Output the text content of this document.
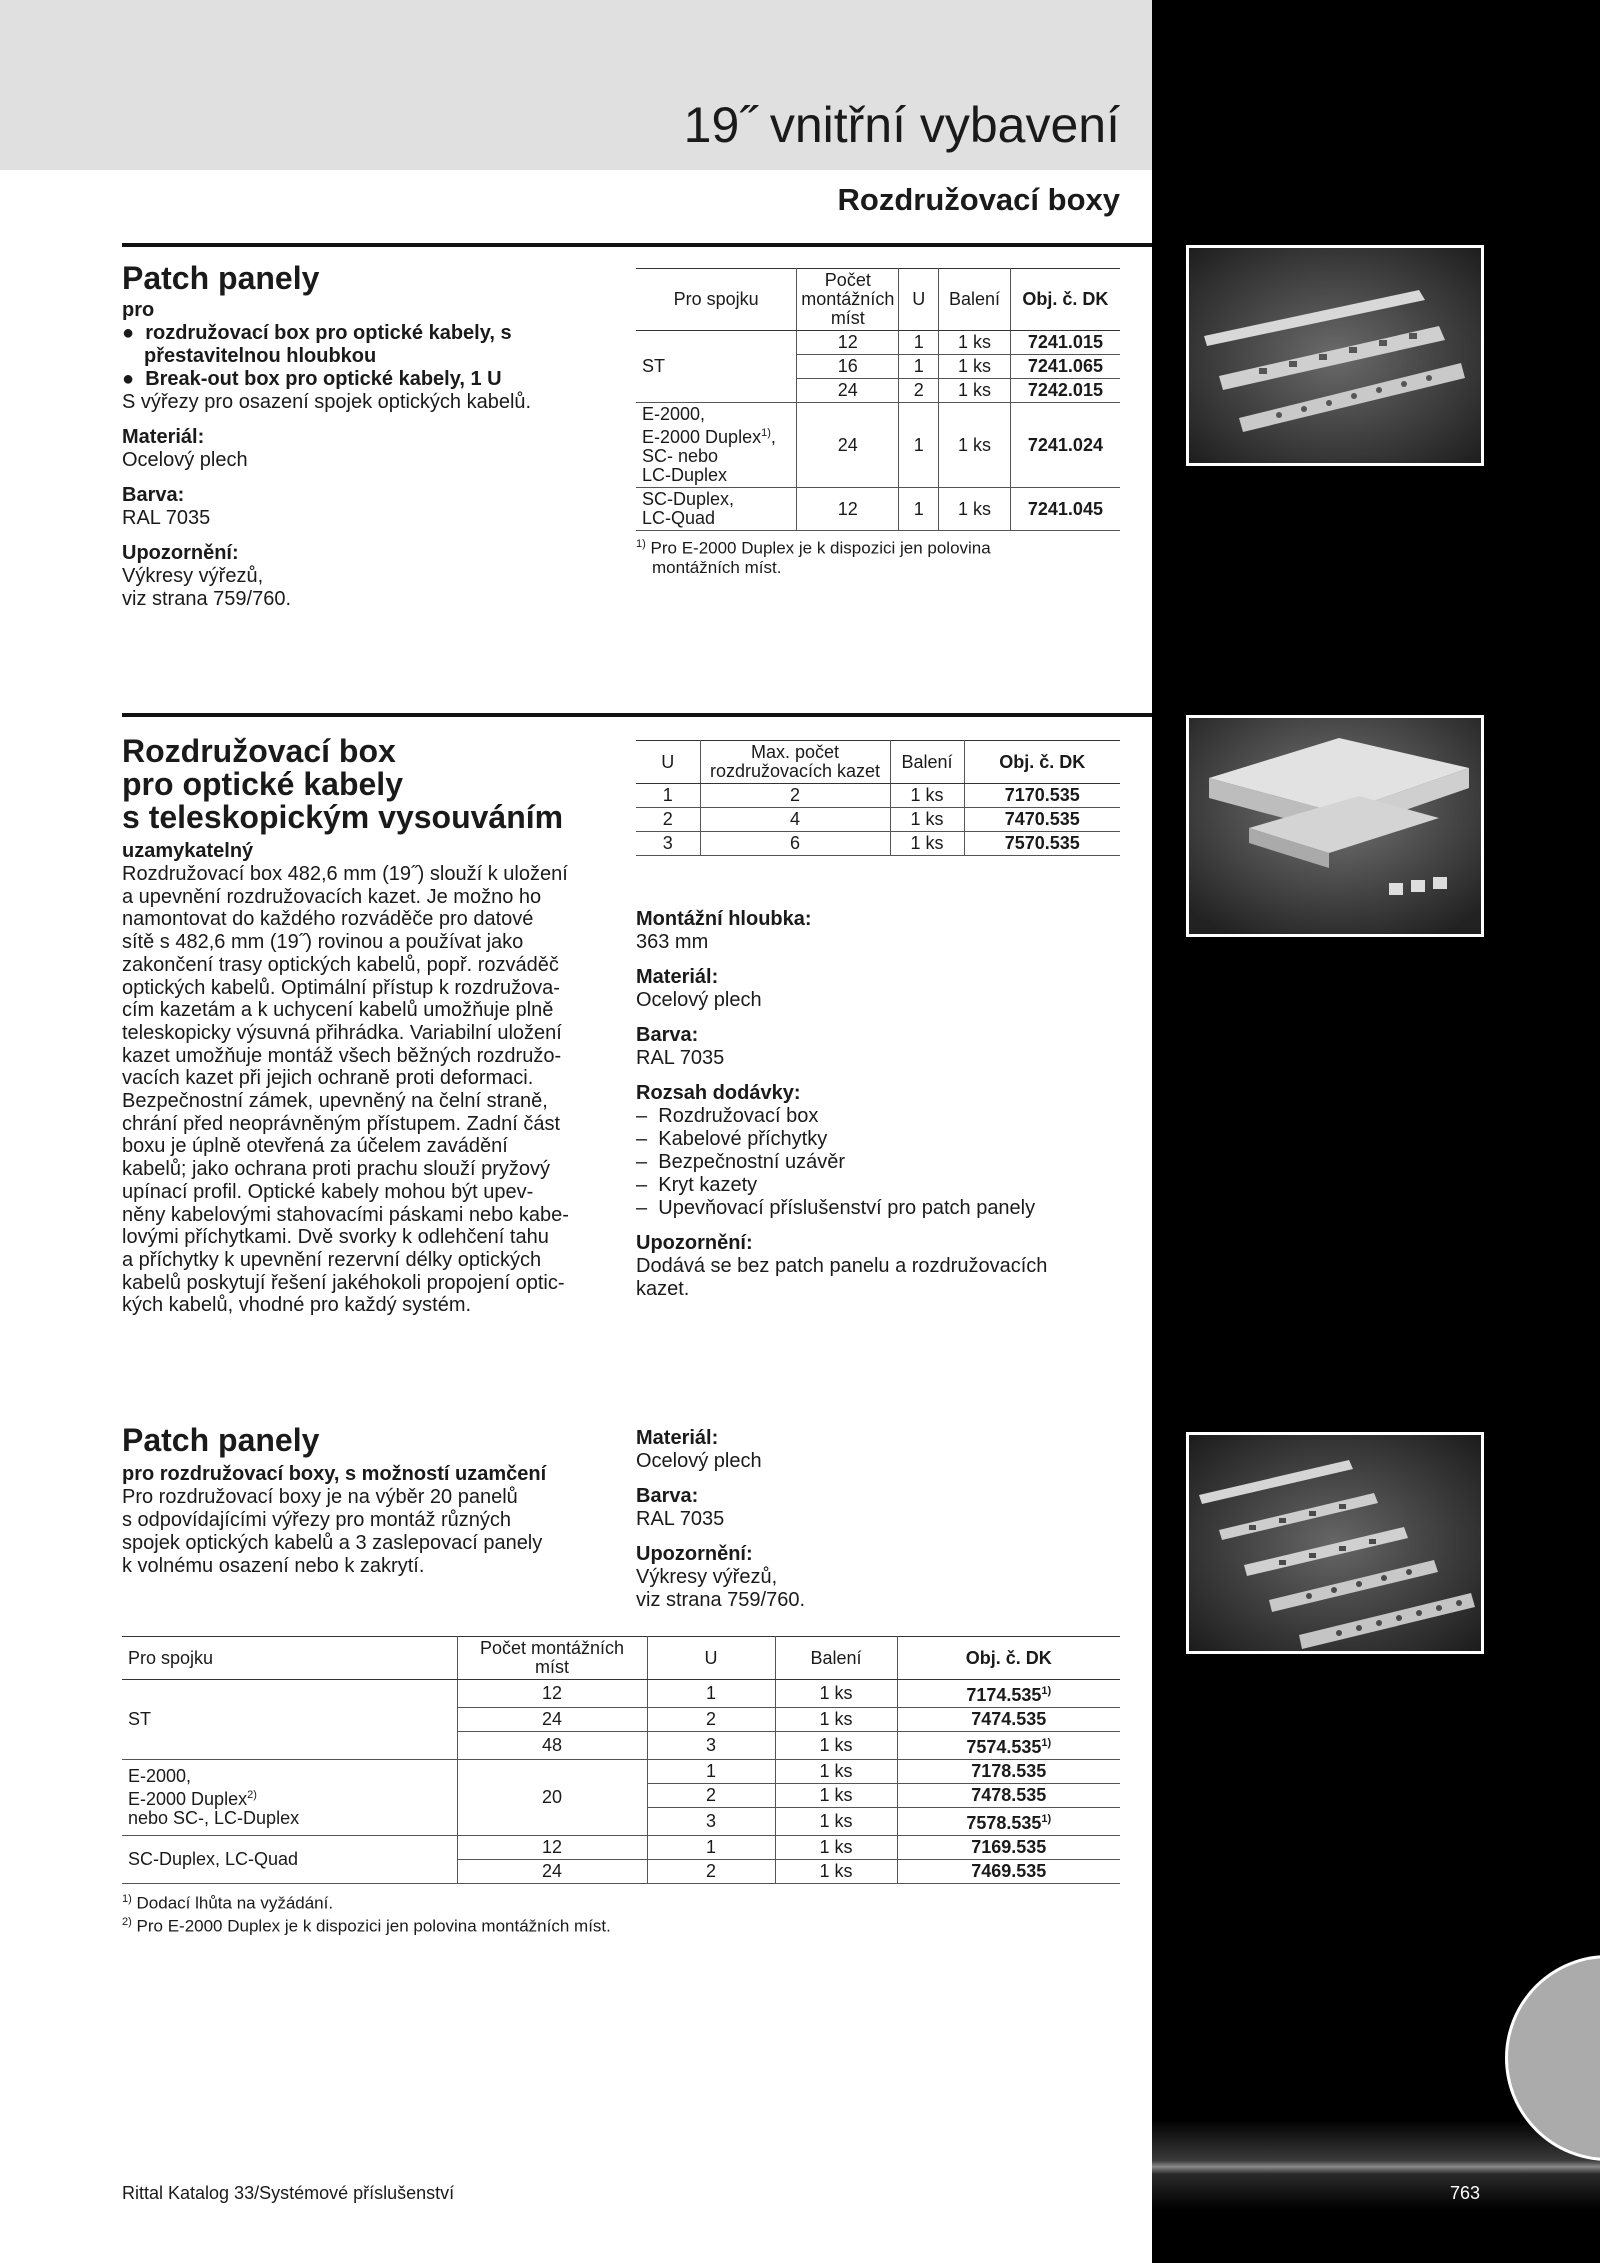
19˝ vnitřní vybavení
Rozdružovací boxy
Patch panely
pro
●  rozdružovací box pro optické kabely, s přestavitelnou hloubkou
●  Break-out box pro optické kabely, 1 U
S výřezy pro osazení spojek optických kabelů.
Materiál:
Ocelový plech
Barva:
RAL 7035
Upozornění:
Výkresy výřezů,
viz strana 759/760.
Pro spojku	Počet montážních míst	U	Balení	Obj. č. DK
ST	12	1	1 ks	7241.015
	16	1	1 ks	7241.065
	24	2	1 ks	7242.015
E-2000,
E-2000 Duplex$^{1)}$,
SC- nebo
LC-Duplex	24	1	1 ks	7241.024
SC-Duplex,
LC-Quad	12	1	1 ks	7241.045
$^{1)}$ Pro E-2000 Duplex je k dispozici jen polovina
montážních míst.
Rozdružovací box
pro optické kabely
s teleskopickým vysouváním
uzamykatelný
Rozdružovací box 482,6 mm (19˝) slouží k uložení
a upevnění rozdružovacích kazet. Je možno ho
namontovat do každého rozváděče pro datové
sítě s 482,6 mm (19˝) rovinou a používat jako
zakončení trasy optických kabelů, popř. rozváděč
optických kabelů. Optimální přístup k rozdružova-
cím kazetám a k uchycení kabelů umožňuje plně
teleskopicky výsuvná přihrádka. Variabilní uložení
kazet umožňuje montáž všech běžných rozdružo-
vacích kazet při jejich ochraně proti deformaci.
Bezpečnostní zámek, upevněný na čelní straně,
chrání před neoprávněným přístupem. Zadní část
boxu je úplně otevřená za účelem zavádění
kabelů; jako ochrana proti prachu slouží pryžový
upínací profil. Optické kabely mohou být upev-
něny kabelovými stahovacími páskami nebo kabe-
lovými příchytkami. Dvě svorky k odlehčení tahu
a příchytky k upevnění rezervní délky optických
kabelů poskytují řešení jakéhokoli propojení optic-
kých kabelů, vhodné pro každý systém.
U	Max. počet rozdružovacích kazet	Balení	Obj. č. DK
1	2	1 ks	7170.535
2	4	1 ks	7470.535
3	6	1 ks	7570.535
Montážní hloubka:
363 mm
Materiál:
Ocelový plech
Barva:
RAL 7035
Rozsah dodávky:
–  Rozdružovací box
–  Kabelové příchytky
–  Bezpečnostní uzávěr
–  Kryt kazety
–  Upevňovací příslušenství pro patch panely
Upozornění:
Dodává se bez patch panelu a rozdružovacích
kazet.
Patch panely
pro rozdružovací boxy, s možností uzamčení
Pro rozdružovací boxy je na výběr 20 panelů
s odpovídajícími výřezy pro montáž různých
spojek optických kabelů a 3 zaslepovací panely
k volnému osazení nebo k zakrytí.
Materiál:
Ocelový plech
Barva:
RAL 7035
Upozornění:
Výkresy výřezů,
viz strana 759/760.
Pro spojku	Počet montážních míst	U	Balení	Obj. č. DK
ST	12	1	1 ks	7174.535$^{1)}$
	24	2	1 ks	7474.535
	48	3	1 ks	7574.535$^{1)}$
E-2000,
E-2000 Duplex$^{2)}$
nebo SC-, LC-Duplex	20	1	1 ks	7178.535
		2	1 ks	7478.535
		3	1 ks	7578.535$^{1)}$
SC-Duplex, LC-Quad	12	1	1 ks	7169.535
	24	2	1 ks	7469.535
$^{1)}$ Dodací lhůta na vyžádání.
$^{2)}$ Pro E-2000 Duplex je k dispozici jen polovina montážních míst.
Rittal Katalog 33/Systémové příslušenství	763
